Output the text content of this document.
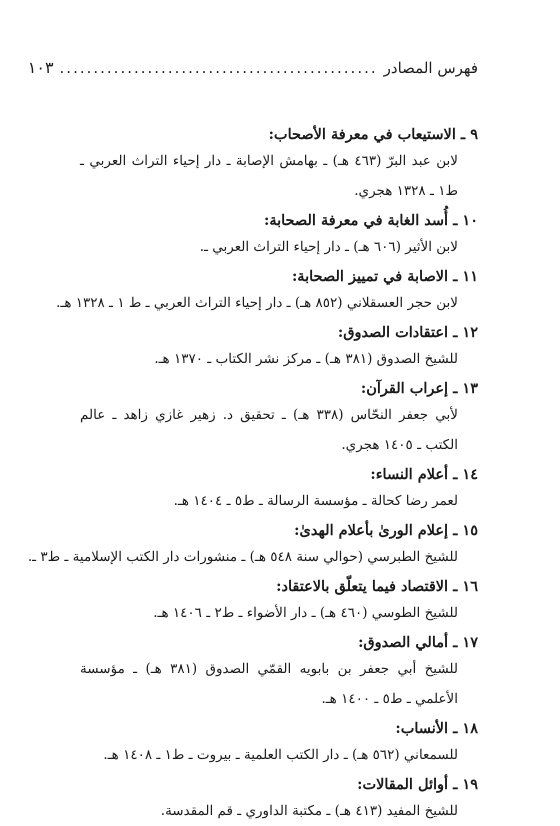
فهرس المصادر
...............................................
١٠٣

٩ ـ الاستيعاب في معرفة الأصحاب:

لابن عبد البرّ (٤٦٣ هـ) ـ بهامش الإصابة ـ دار إحياء التراث العربي ـ ط١ ـ ١٣٢٨ هجري.

١٠ ـ أُسد الغابة في معرفة الصحابة:

لابن الأثير (٦٠٦ هـ) ـ دار إحياء التراث العربي ـ.

١١ ـ الاصابة في تمييز الصحابة:

لابن حجر العسقلاني (٨٥٢ هـ) ـ دار إحياء التراث العربي ـ ط ١ ـ ١٣٢٨ هـ.

١٢ ـ اعتقادات الصدوق:

للشيخ الصدوق (٣٨١ هـ) ـ مركز نشر الكتاب ـ ١٣٧٠ هـ.

١٣ ـ إعراب القرآن:

لأبي جعفر النحّاس (٣٣٨ هـ) ـ تحقيق د. زهير غازي زاهد ـ عالم الكتب ـ ١٤٠٥ هجري.

١٤ ـ أعلام النساء:

لعمر رضا كحالة ـ مؤسسة الرسالة ـ ط٥ ـ ١٤٠٤ هـ.

١٥ ـ إعلام الورىٰ بأعلام الهدىٰ:

للشيخ الطبرسي (حوالي سنة ٥٤٨ هـ) ـ منشورات دار الكتب الإسلامية ـ ط٣ ـ.

١٦ ـ الاقتصاد فيما يتعلّق بالاعتقاد:

للشيخ الطوسي (٤٦٠ هـ) ـ دار الأضواء ـ ط٢ ـ ١٤٠٦ هـ.

١٧ ـ أمالي الصدوق:

للشيخ أبي جعفر بن بابويه القمّي الصدوق (٣٨١ هـ) ـ مؤسسة الأعلمي ـ ط٥ ـ ١٤٠٠ هـ.

١٨ ـ الأنساب:

للسمعاني (٥٦٢ هـ) ـ دار الكتب العلمية ـ بيروت ـ ط١ ـ ١٤٠٨ هـ.

١٩ ـ أوائل المقالات:

للشيخ المفيد (٤١٣ هـ) ـ مكتبة الداوري ـ قم المقدسة.
